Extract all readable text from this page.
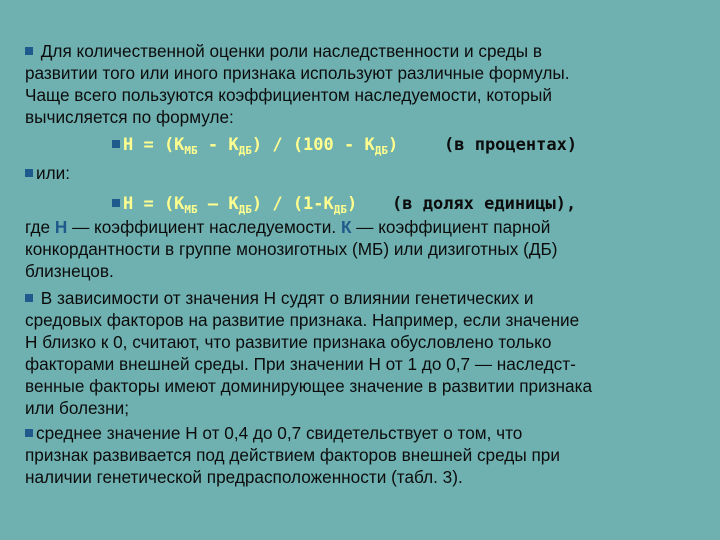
Для количественной оценки роли наследственности и среды в
развитии того или иного признака используют различные формулы.
Чаще всего пользуются коэффициентом наследуемости, который
вычисляется по формуле:
$Н = (К_{МБ} - К_{ДБ}) / (100 - К_{ДБ})$	(в процентах)
или:
$Н = (К_{МБ} - К_{ДБ}) / (1-К_{ДБ})$ (в долях единицы),
где Н — коэффициент наследуемости. К — коэффициент парной
конкордантности в группе монозиготных (МБ) или дизиготных (ДБ)
близнецов.
В зависимости от значения Н судят о влиянии генетических и
средовых факторов на развитие признака. Например, если значение
Н близко к 0, считают, что развитие признака обусловлено только
факторами внешней среды. При значении Н от 1 до 0,7 — наследст-
венные факторы имеют доминирующее значение в развитии признака
или болезни;
среднее значение Н от 0,4 до 0,7 свидетельствует о том, что
признак развивается под действием факторов внешней среды при
наличии генетической предрасположенности (табл. 3).
